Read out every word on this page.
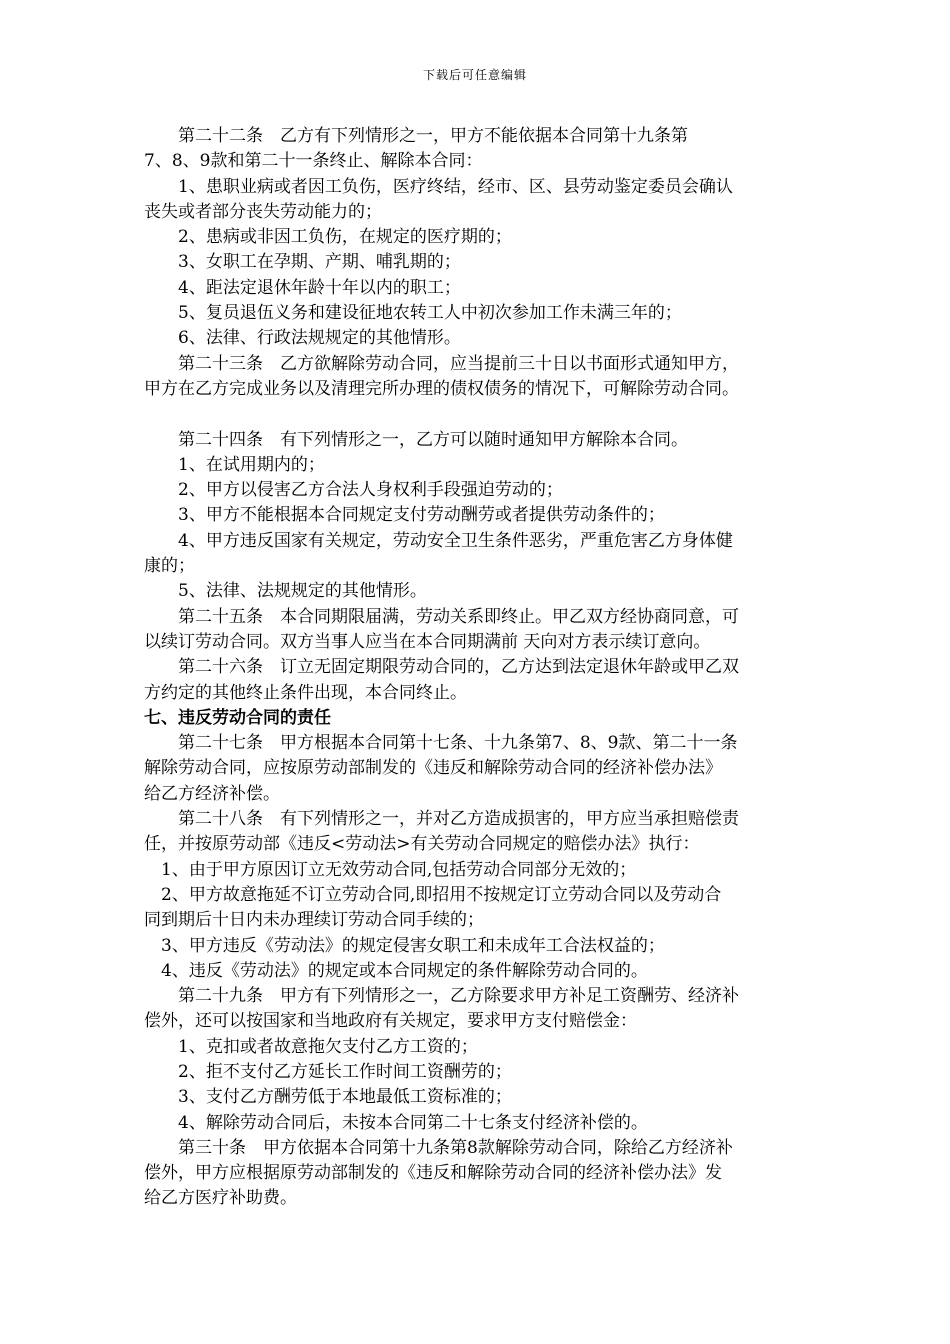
下载后可任意编辑
　　第二十二条　乙方有下列情形之一，甲方不能依据本合同第十九条第
7、8、9款和第二十一条终止、解除本合同：
　　1、患职业病或者因工负伤，医疗终结，经市、区、县劳动鉴定委员会确认
丧失或者部分丧失劳动能力的；
　　2、患病或非因工负伤，在规定的医疗期的；
　　3、女职工在孕期、产期、哺乳期的；
　　4、距法定退休年龄十年以内的职工；
　　5、复员退伍义务和建设征地农转工人中初次参加工作未满三年的；
　　6、法律、行政法规规定的其他情形。
　　第二十三条　乙方欲解除劳动合同，应当提前三十日以书面形式通知甲方，
甲方在乙方完成业务以及清理完所办理的债权债务的情况下，可解除劳动合同。
　　第二十四条　有下列情形之一，乙方可以随时通知甲方解除本合同。
　　1、在试用期内的；
　　2、甲方以侵害乙方合法人身权利手段强迫劳动的；
　　3、甲方不能根据本合同规定支付劳动酬劳或者提供劳动条件的；
　　4、甲方违反国家有关规定，劳动安全卫生条件恶劣，严重危害乙方身体健
康的；
　　5、法律、法规规定的其他情形。
　　第二十五条　本合同期限届满，劳动关系即终止。甲乙双方经协商同意，可
以续订劳动合同。双方当事人应当在本合同期满前 天向对方表示续订意向。
　　第二十六条　订立无固定期限劳动合同的，乙方达到法定退休年龄或甲乙双
方约定的其他终止条件出现，本合同终止。
七、违反劳动合同的责任
　　第二十七条　甲方根据本合同第十七条、十九条第7、8、9款、第二十一条
解除劳动合同，应按原劳动部制发的《违反和解除劳动合同的经济补偿办法》
给乙方经济补偿。
　　第二十八条　有下列情形之一，并对乙方造成损害的，甲方应当承担赔偿责
任，并按原劳动部《违反<劳动法>有关劳动合同规定的赔偿办法》执行：
　1、由于甲方原因订立无效劳动合同,包括劳动合同部分无效的；
　2、甲方故意拖延不订立劳动合同,即招用不按规定订立劳动合同以及劳动合
同到期后十日内未办理续订劳动合同手续的；
　3、甲方违反《劳动法》的规定侵害女职工和未成年工合法权益的；
　4、违反《劳动法》的规定或本合同规定的条件解除劳动合同的。
　　第二十九条　甲方有下列情形之一，乙方除要求甲方补足工资酬劳、经济补
偿外，还可以按国家和当地政府有关规定，要求甲方支付赔偿金：
　　1、克扣或者故意拖欠支付乙方工资的；
　　2、拒不支付乙方延长工作时间工资酬劳的；
　　3、支付乙方酬劳低于本地最低工资标准的；
　　4、解除劳动合同后，未按本合同第二十七条支付经济补偿的。
　　第三十条　甲方依据本合同第十九条第8款解除劳动合同，除给乙方经济补
偿外，甲方应根据原劳动部制发的《违反和解除劳动合同的经济补偿办法》发
给乙方医疗补助费。
